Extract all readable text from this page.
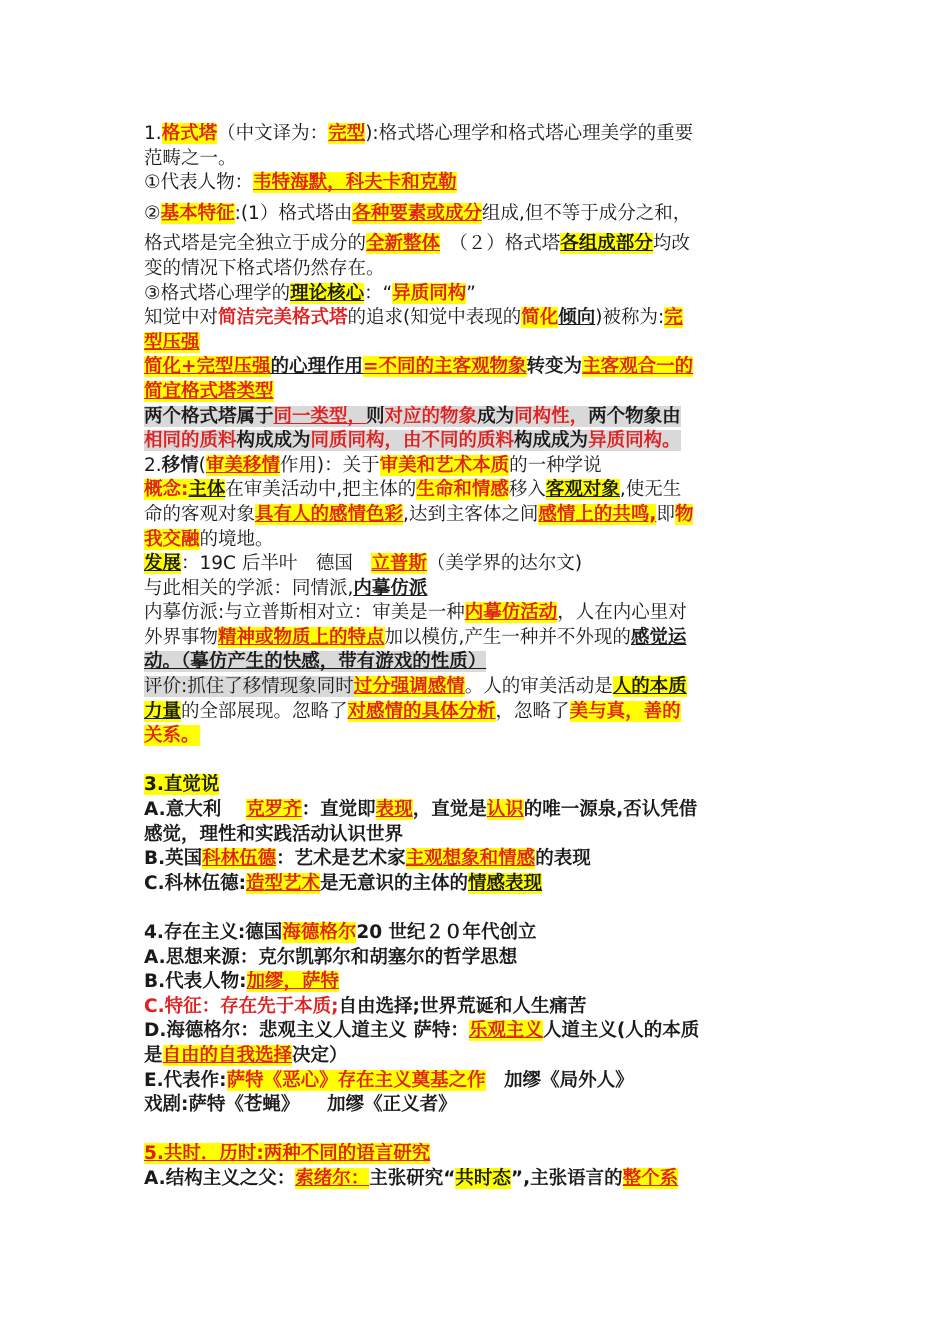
1.格式塔（中文译为：完型):格式塔心理学和格式塔心理美学的重要
范畴之一。
①代表人物：韦特海默，科夫卡和克勒
②基本特征:(1）格式塔由各种要素或成分组成,但不等于成分之和，
格式塔是完全独立于成分的全新整体　（２）格式塔各组成部分均改
变的情况下格式塔仍然存在。
③格式塔心理学的理论核心：“异质同构”
知觉中对简洁完美格式塔的追求(知觉中表现的简化倾向)被称为:完
型压强
简化+完型压强的心理作用=不同的主客观物象转变为主客观合一的
简宜格式塔类型
两个格式塔属于同一类型，则对应的物象成为同构性，两个物象由
相同的质料构成成为同质同构，由不同的质料构成成为异质同构。
2.移情(审美移情作用)：关于审美和艺术本质的一种学说
概念:主体在审美活动中,把主体的生命和情感移入客观对象,使无生
命的客观对象具有人的感情色彩,达到主客体之间感情上的共鸣,即物
我交融的境地。
发展：19C 后半叶　德国　立普斯（美学界的达尔文)
与此相关的学派：同情派,内摹仿派
内摹仿派:与立普斯相对立：审美是一种内摹仿活动，人在内心里对
外界事物精神或物质上的特点加以模仿,产生一种并不外现的感觉运
动。（摹仿产生的快感，带有游戏的性质）
评价:抓住了移情现象同时过分强调感情。人的审美活动是人的本质
力量的全部展现。忽略了对感情的具体分析，忽略了美与真，善的
关系。
3.直觉说
A.意大利　 克罗齐：直觉即表现，直觉是认识的唯一源泉,否认凭借
感觉，理性和实践活动认识世界
B.英国科林伍德：艺术是艺术家主观想象和情感的表现
C.科林伍德:造型艺术是无意识的主体的情感表现
4.存在主义:德国海德格尔20 世纪２０年代创立
A.思想来源：克尔凯郭尔和胡塞尔的哲学思想
B.代表人物:加缪，萨特
C.特征：存在先于本质;自由选择;世界荒诞和人生痛苦
D.海德格尔：悲观主义人道主义 萨特：乐观主义人道主义(人的本质
是自由的自我选择决定）
E.代表作:萨特《恶心》存在主义奠基之作　加缪《局外人》
戏剧:萨特《苍蝇》　　加缪《正义者》
5.共时．历时:两种不同的语言研究
A.结构主义之父：索绪尔：主张研究“共时态”,主张语言的整个系
